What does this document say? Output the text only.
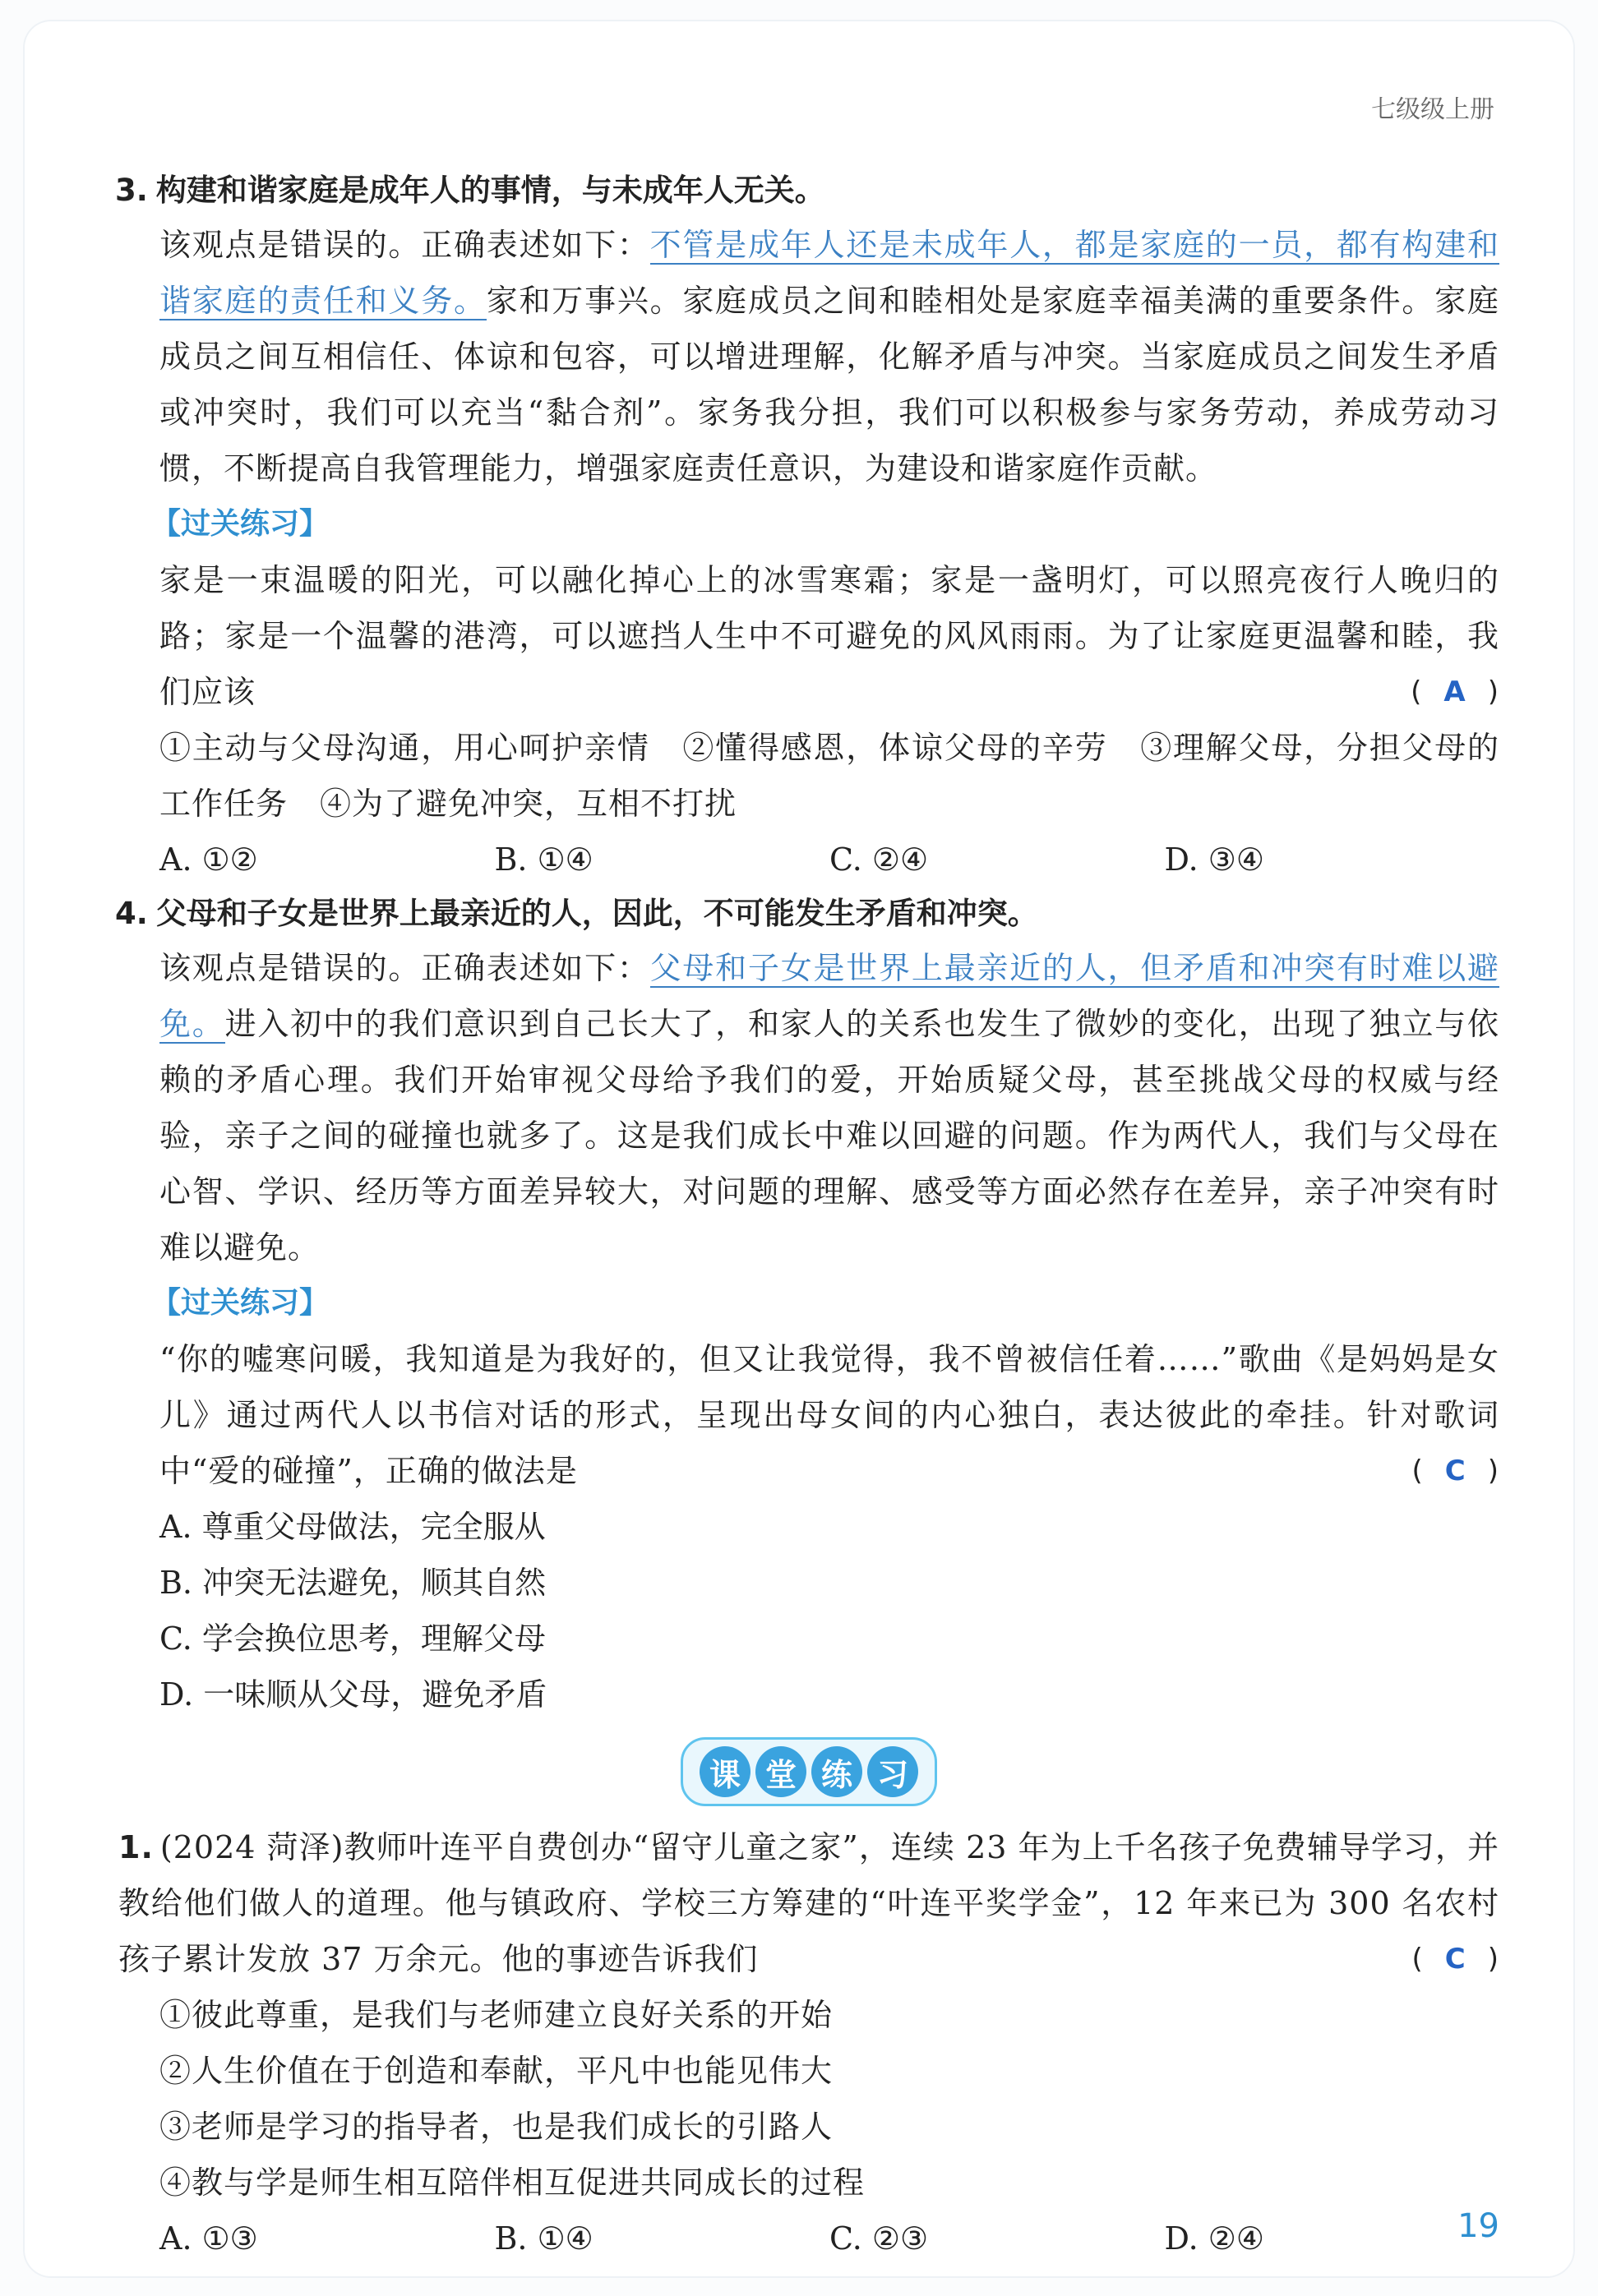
七级级上册
3. 构建和谐家庭是成年人的事情，与未成年人无关。
该观点是错误的。正确表述如下：不管是成年人还是未成年人，都是家庭的一员，都有构建和谐家庭的责任和义务。家和万事兴。家庭成员之间和睦相处是家庭幸福美满的重要条件。家庭成员之间互相信任、体谅和包容，可以增进理解，化解矛盾与冲突。当家庭成员之间发生矛盾或冲突时，我们可以充当“黏合剂”。家务我分担，我们可以积极参与家务劳动，养成劳动习惯，不断提高自我管理能力，增强家庭责任意识，为建设和谐家庭作贡献。
【过关练习】
家是一束温暖的阳光，可以融化掉心上的冰雪寒霜；家是一盏明灯，可以照亮夜行人晚归的路；家是一个温馨的港湾，可以遮挡人生中不可避免的风风雨雨。为了让家庭更温馨和睦，我们应该	( A )
①主动与父母沟通，用心呵护亲情　②懂得感恩，体谅父母的辛劳　③理解父母，分担父母的工作任务　④为了避免冲突，互相不打扰
A. ①②	B. ①④	C. ②④	D. ③④
4. 父母和子女是世界上最亲近的人，因此，不可能发生矛盾和冲突。
该观点是错误的。正确表述如下：父母和子女是世界上最亲近的人，但矛盾和冲突有时难以避免。进入初中的我们意识到自己长大了，和家人的关系也发生了微妙的变化，出现了独立与依赖的矛盾心理。我们开始审视父母给予我们的爱，开始质疑父母，甚至挑战父母的权威与经验，亲子之间的碰撞也就多了。这是我们成长中难以回避的问题。作为两代人，我们与父母在心智、学识、经历等方面差异较大，对问题的理解、感受等方面必然存在差异，亲子冲突有时难以避免。
【过关练习】
“你的嘘寒问暖，我知道是为我好的，但又让我觉得，我不曾被信任着……”歌曲《是妈妈是女儿》通过两代人以书信对话的形式，呈现出母女间的内心独白，表达彼此的牵挂。针对歌词中“爱的碰撞”，正确的做法是	( C )
A. 尊重父母做法，完全服从
B. 冲突无法避免，顺其自然
C. 学会换位思考，理解父母
D. 一味顺从父母，避免矛盾
课 堂 练 习
1. (2024 菏泽)教师叶连平自费创办“留守儿童之家”，连续 23 年为上千名孩子免费辅导学习，并教给他们做人的道理。他与镇政府、学校三方筹建的“叶连平奖学金”，12 年来已为 300 名农村孩子累计发放 37 万余元。他的事迹告诉我们	( C )
①彼此尊重，是我们与老师建立良好关系的开始
②人生价值在于创造和奉献，平凡中也能见伟大
③老师是学习的指导者，也是我们成长的引路人
④教与学是师生相互陪伴相互促进共同成长的过程
A. ①③	B. ①④	C. ②③	D. ②④	19
